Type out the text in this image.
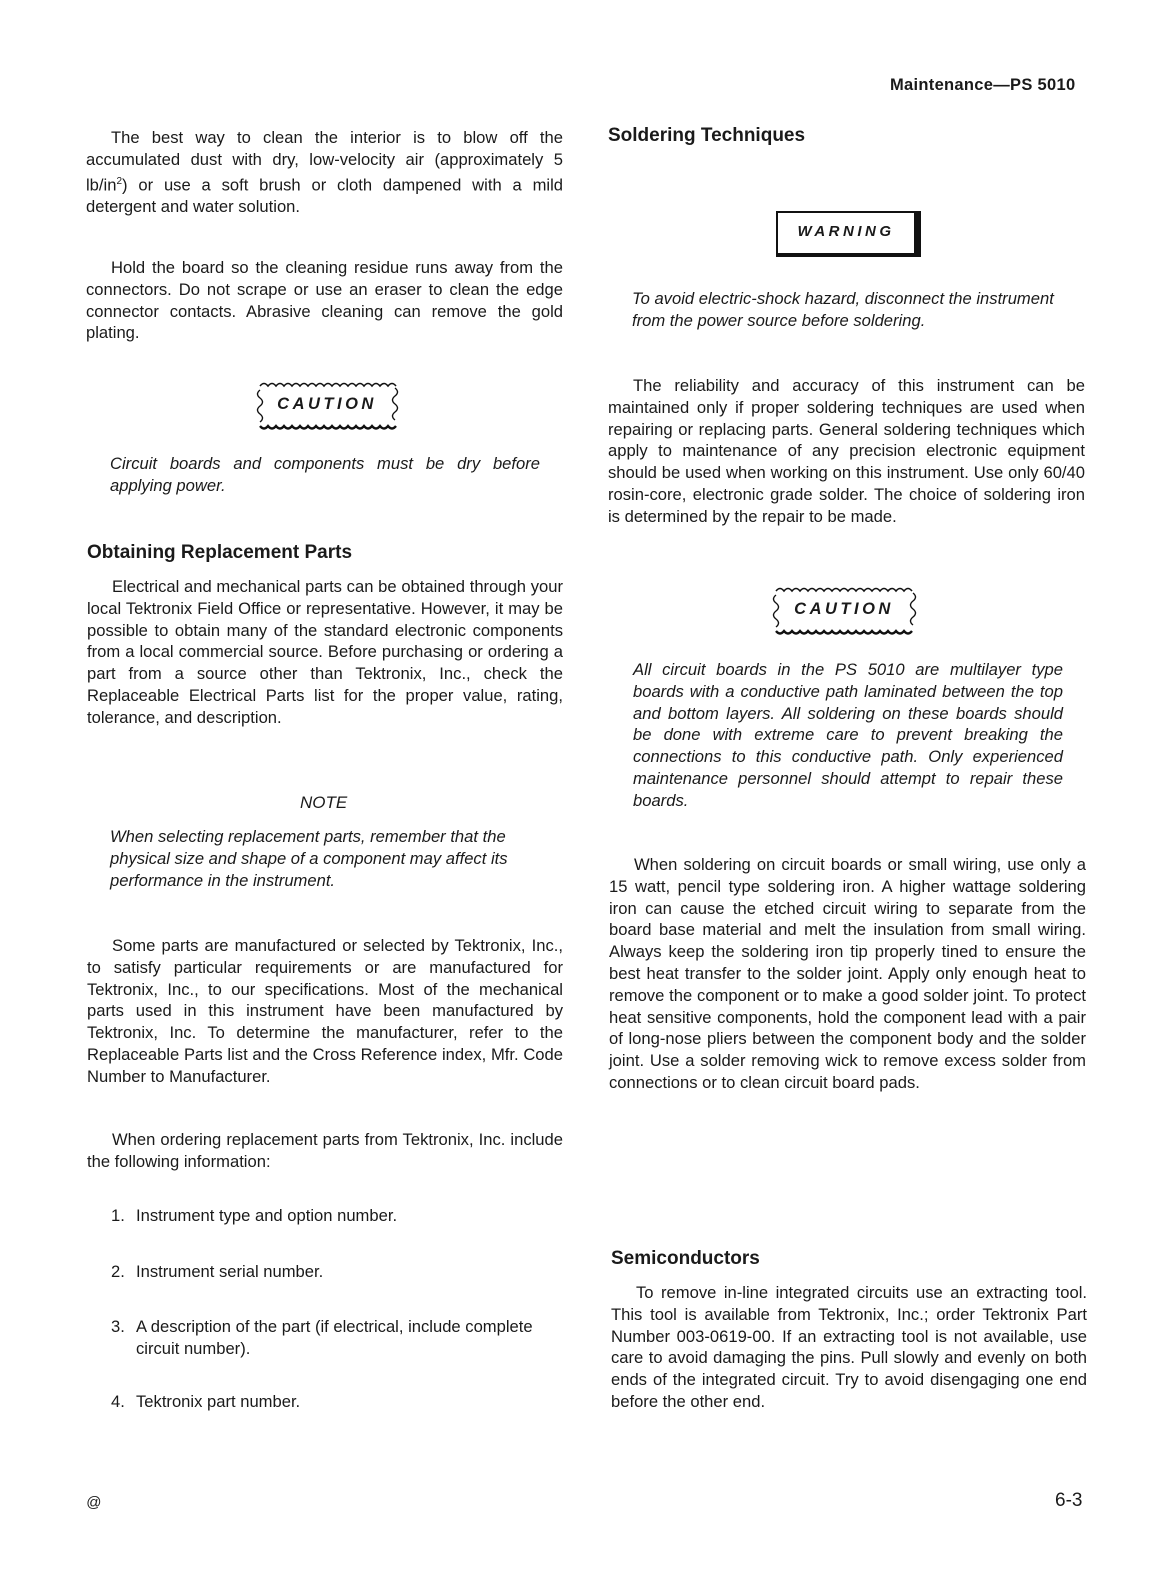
Maintenance—PS 5010

The best way to clean the interior is to blow off the accumulated dust with dry, low-velocity air (approximately 5 $lb/in^2$) or use a soft brush or cloth dampened with a mild detergent and water solution.

Hold the board so the cleaning residue runs away from the connectors. Do not scrape or use an eraser to clean the edge connector contacts. Abrasive cleaning can remove the gold plating.

CAUTION

Circuit boards and components must be dry before applying power.

Obtaining Replacement Parts

Electrical and mechanical parts can be obtained through your local Tektronix Field Office or representative. However, it may be possible to obtain many of the standard electronic components from a local commercial source. Before purchasing or ordering a part from a source other than Tektronix, Inc., check the Replaceable Electrical Parts list for the proper value, rating, tolerance, and description.

NOTE

When selecting replacement parts, remember that the physical size and shape of a component may affect its performance in the instrument.

Some parts are manufactured or selected by Tektronix, Inc., to satisfy particular requirements or are manufactured for Tektronix, Inc., to our specifications. Most of the mechanical parts used in this instrument have been manufactured by Tektronix, Inc. To determine the manufacturer, refer to the Replaceable Parts list and the Cross Reference index, Mfr. Code Number to Manufacturer.

When ordering replacement parts from Tektronix, Inc. include the following information:

1. Instrument type and option number.
2. Instrument serial number.
3. A description of the part (if electrical, include complete circuit number).
4. Tektronix part number.
Soldering Techniques
WARNING

To avoid electric-shock hazard, disconnect the instrument from the power source before soldering.

The reliability and accuracy of this instrument can be maintained only if proper soldering techniques are used when repairing or replacing parts. General soldering techniques which apply to maintenance of any precision electronic equipment should be used when working on this instrument. Use only 60/40 rosin-core, electronic grade solder. The choice of soldering iron is determined by the repair to be made.

CAUTION

All circuit boards in the PS 5010 are multilayer type boards with a conductive path laminated between the top and bottom layers. All soldering on these boards should be done with extreme care to prevent breaking the connections to this conductive path. Only experienced maintenance personnel should attempt to repair these boards.

When soldering on circuit boards or small wiring, use only a 15 watt, pencil type soldering iron. A higher wattage soldering iron can cause the etched circuit wiring to separate from the board base material and melt the insulation from small wiring. Always keep the soldering iron tip properly tined to ensure the best heat transfer to the solder joint. Apply only enough heat to remove the component or to make a good solder joint. To protect heat sensitive components, hold the component lead with a pair of long-nose pliers between the component body and the solder joint. Use a solder removing wick to remove excess solder from connections or to clean circuit board pads.

Semiconductors

To remove in-line integrated circuits use an extracting tool. This tool is available from Tektronix, Inc.; order Tektronix Part Number 003-0619-00. If an extracting tool is not available, use care to avoid damaging the pins. Pull slowly and evenly on both ends of the integrated circuit. Try to avoid disengaging one end before the other end.

@	6-3
